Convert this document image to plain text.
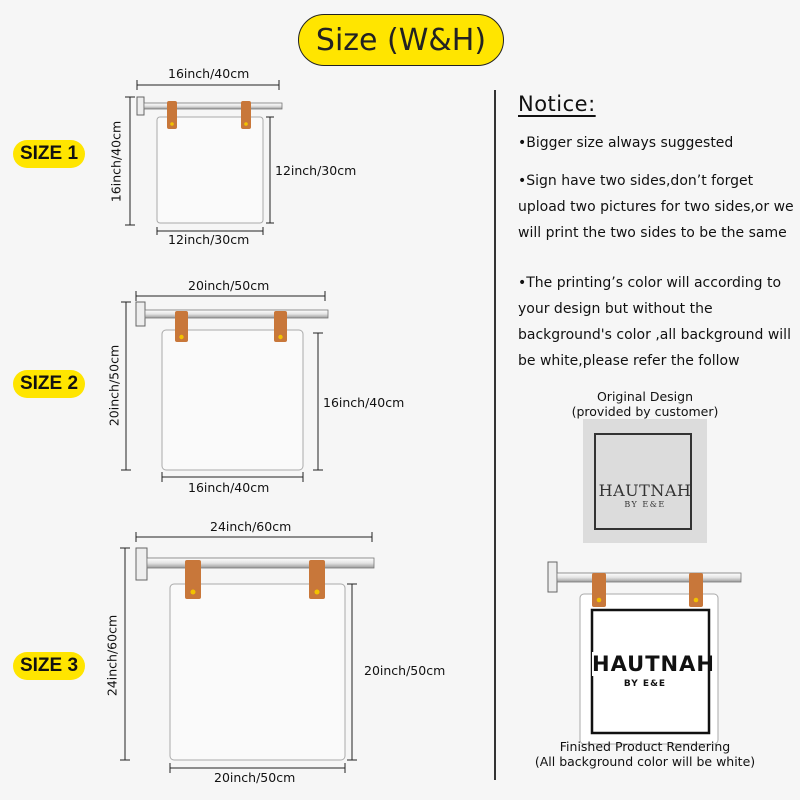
Size (W&H)
SIZE 1
SIZE 2
SIZE 3
16inch/40cm
16inch/40cm	12inch/30cm
12inch/30cm
20inch/50cm
20inch/50cm	16inch/40cm
16inch/40cm
24inch/60cm
24inch/60cm	20inch/50cm
20inch/50cm
Notice:
•Bigger size always suggested
•Sign have two sides,don’t forget upload two pictures for two sides,or we will print the two sides to be the same
•The printing’s color will according to your design but without the background's color ,all background will be white,please refer the follow
Original Design
(provided by customer)
HAUTNAH
BY E&E
HAUTNAH
BY E&E
Finished Product Rendering
(All background color will be white)
